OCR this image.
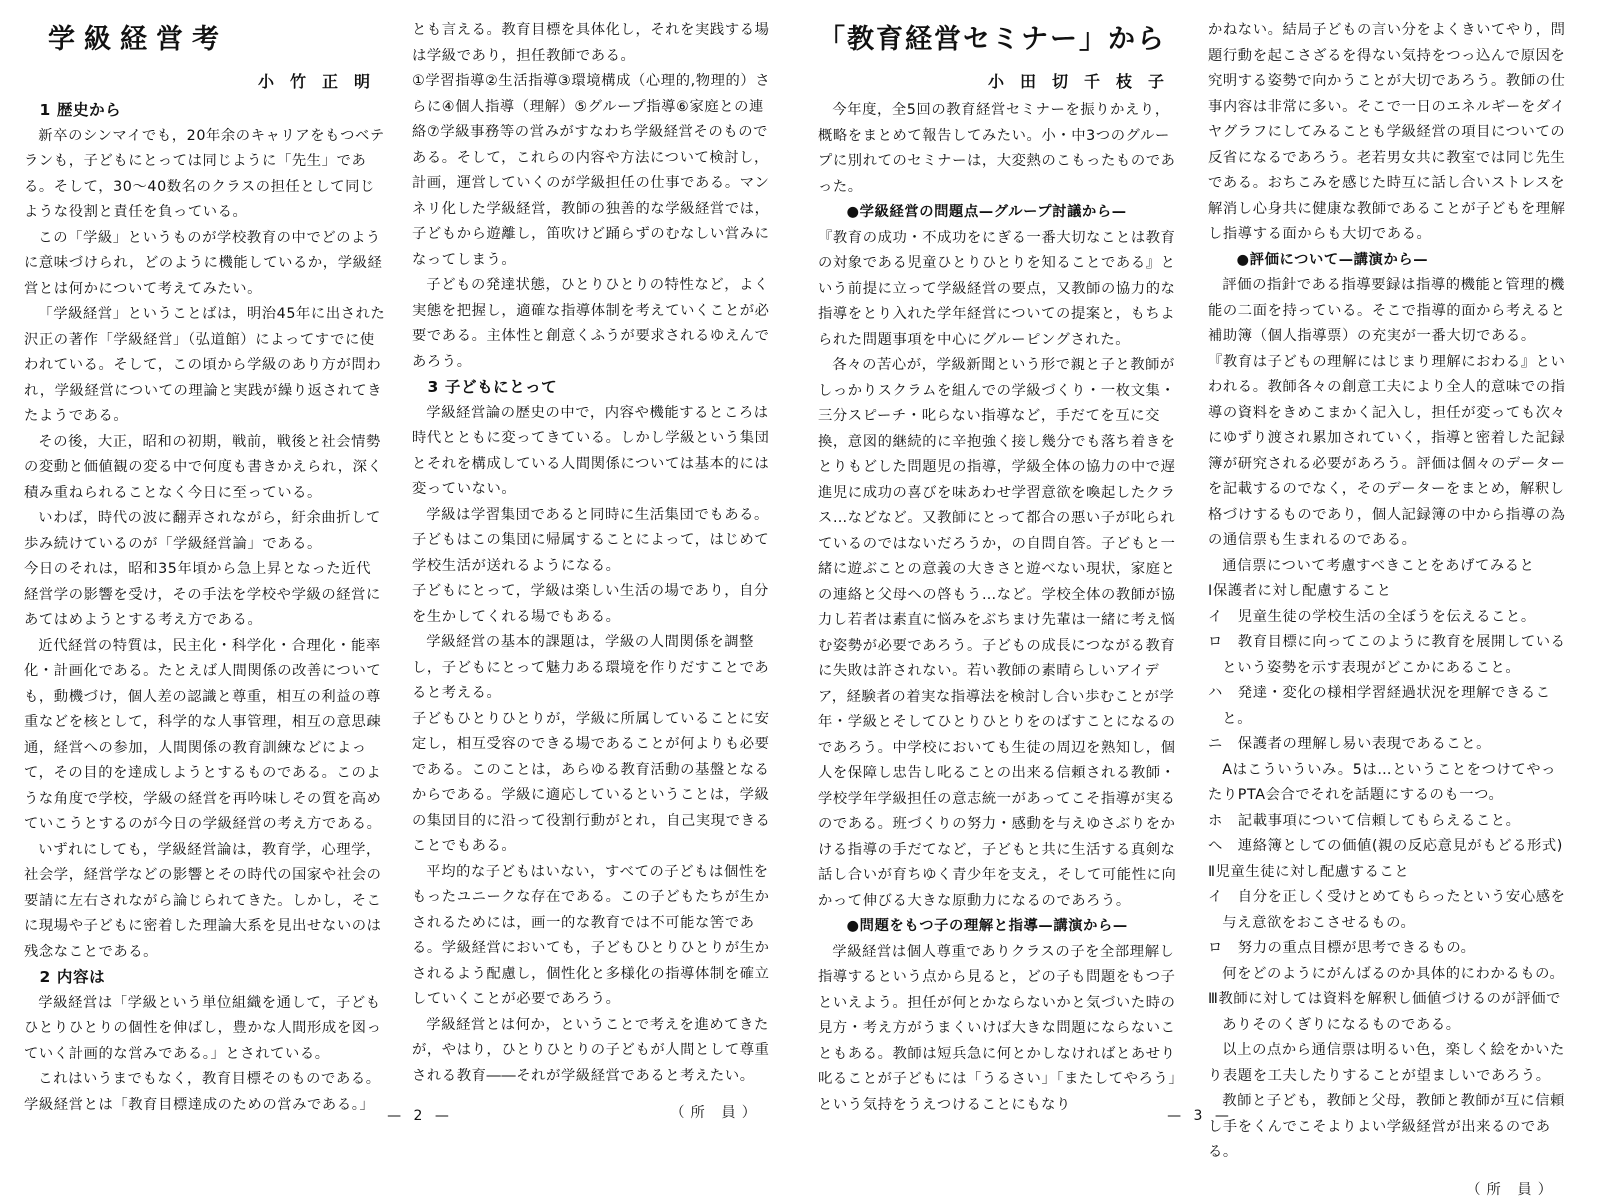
学級経営考
小竹正明

1 歴史から

新卒のシンマイでも，20年余のキャリアをもつベテランも，子どもにとっては同じように「先生」である。そして，30〜40数名のクラスの担任として同じような役割と責任を負っている。

この「学級」というものが学校教育の中でどのように意味づけられ，どのように機能しているか，学級経営とは何かについて考えてみたい。

「学級経営」ということばは，明治45年に出された沢正の著作「学級経営」（弘道館）によってすでに使われている。そして，この頃から学級のあり方が問われ，学級経営についての理論と実践が繰り返されてきたようである。

その後，大正，昭和の初期，戦前，戦後と社会情勢の変動と価値観の変る中で何度も書きかえられ，深く積み重ねられることなく今日に至っている。

いわば，時代の波に翻弄されながら，紆余曲折して歩み続けているのが「学級経営論」である。

今日のそれは，昭和35年頃から急上昇となった近代経営学の影響を受け，その手法を学校や学級の経営にあてはめようとする考え方である。

近代経営の特質は，民主化・科学化・合理化・能率化・計画化である。たとえば人間関係の改善についても，動機づけ，個人差の認識と尊重，相互の利益の尊重などを核として，科学的な人事管理，相互の意思疎通，経営への参加，人間関係の教育訓練などによって，その目的を達成しようとするものである。このような角度で学校，学級の経営を再吟味しその質を高めていこうとするのが今日の学級経営の考え方である。

いずれにしても，学級経営論は，教育学，心理学，社会学，経営学などの影響とその時代の国家や社会の要請に左右されながら論じられてきた。しかし，そこに現場や子どもに密着した理論大系を見出せないのは残念なことである。

2 内容は

学級経営は「学級という単位組織を通して，子どもひとりひとりの個性を伸ばし，豊かな人間形成を図っていく計画的な営みである。」とされている。

これはいうまでもなく，教育目標そのものである。

学級経営とは「教育目標達成のための営みである。」

とも言える。教育目標を具体化し，それを実践する場は学級であり，担任教師である。

①学習指導②生活指導③環境構成（心理的,物理的）さらに④個人指導（理解）⑤グループ指導⑥家庭との連絡⑦学級事務等の営みがすなわち学級経営そのものである。そして，これらの内容や方法について検討し，計画，運営していくのが学級担任の仕事である。マンネリ化した学級経営，教師の独善的な学級経営では，子どもから遊離し，笛吹けど踊らずのむなしい営みになってしまう。

子どもの発達状態，ひとりひとりの特性など，よく実態を把握し，適確な指導体制を考えていくことが必要である。主体性と創意くふうが要求されるゆえんであろう。

3 子どもにとって

学級経営論の歴史の中で，内容や機能するところは時代とともに変ってきている。しかし学級という集団とそれを構成している人間関係については基本的には変っていない。

学級は学習集団であると同時に生活集団でもある。

子どもはこの集団に帰属することによって，はじめて学校生活が送れるようになる。

子どもにとって，学級は楽しい生活の場であり，自分を生かしてくれる場でもある。

学級経営の基本的課題は，学級の人間関係を調整し，子どもにとって魅力ある環境を作りだすことであると考える。

子どもひとりひとりが，学級に所属していることに安定し，相互受容のできる場であることが何よりも必要である。このことは，あらゆる教育活動の基盤となるからである。学級に適応しているということは，学級の集団目的に沿って役割行動がとれ，自己実現できることでもある。

平均的な子どもはいない，すべての子どもは個性をもったユニークな存在である。この子どもたちが生かされるためには，画一的な教育では不可能な筈である。学級経営においても，子どもひとりひとりが生かされるよう配慮し，個性化と多様化の指導体制を確立していくことが必要であろう。

学級経営とは何か，ということで考えを進めてきたが，やはり，ひとりひとりの子どもが人間として尊重される教育――それが学級経営であると考えたい。

（所 員）
— 2 —
「教育経営セミナー」から
小田切千枝子

今年度，全5回の教育経営セミナーを振りかえり，概略をまとめて報告してみたい。小・中3つのグループに別れてのセミナーは，大変熱のこもったものであった。

●学級経営の問題点—グループ討議から—

『教育の成功・不成功をにぎる一番大切なことは教育の対象である児童ひとりひとりを知ることである』という前提に立って学級経営の要点，又教師の協力的な指導をとり入れた学年経営についての提案と，もちよられた問題事項を中心にグルーピングされた。

各々の苦心が，学級新聞という形で親と子と教師がしっかりスクラムを組んでの学級づくり・一枚文集・三分スピーチ・叱らない指導など，手だてを互に交換，意図的継続的に辛抱強く接し幾分でも落ち着きをとりもどした問題児の指導，学級全体の協力の中で遅進児に成功の喜びを味あわせ学習意欲を喚起したクラス…などなど。又教師にとって都合の悪い子が叱られているのではないだろうか，の自問自答。子どもと一緒に遊ぶことの意義の大きさと遊べない現状，家庭との連絡と父母への啓もう…など。学校全体の教師が協力し若者は素直に悩みをぶちまけ先輩は一緒に考え悩む姿勢が必要であろう。子どもの成長につながる教育に失敗は許されない。若い教師の素晴らしいアイデア，経験者の着実な指導法を検討し合い歩むことが学年・学級とそしてひとりひとりをのばすことになるのであろう。中学校においても生徒の周辺を熟知し，個人を保障し忠告し叱ることの出来る信頼される教師・学校学年学級担任の意志統一があってこそ指導が実るのである。班づくりの努力・感動を与えゆさぶりをかける指導の手だてなど，子どもと共に生活する真剣な話し合いが育ちゆく青少年を支え，そして可能性に向かって伸びる大きな原動力になるのであろう。

●問題をもつ子の理解と指導—講演から—

学級経営は個人尊重でありクラスの子を全部理解し指導するという点から見ると，どの子も問題をもつ子といえよう。担任が何とかならないかと気づいた時の見方・考え方がうまくいけば大きな問題にならないこともある。教師は短兵急に何とかしなければとあせり叱ることが子どもには「うるさい」「またしてやろう」という気持をうえつけることにもなり

かねない。結局子どもの言い分をよくきいてやり，問題行動を起こさざるを得ない気持をつっ込んで原因を究明する姿勢で向かうことが大切であろう。教師の仕事内容は非常に多い。そこで一日のエネルギーをダイヤグラフにしてみることも学級経営の項目についての反省になるであろう。老若男女共に教室では同じ先生である。おちこみを感じた時互に話し合いストレスを解消し心身共に健康な教師であることが子どもを理解し指導する面からも大切である。

●評価について—講演から—

評価の指針である指導要録は指導的機能と管理的機能の二面を持っている。そこで指導的面から考えると補助簿（個人指導票）の充実が一番大切である。

『教育は子どもの理解にはじまり理解におわる』といわれる。教師各々の創意工夫により全人的意味での指導の資料をきめこまかく記入し，担任が変っても次々にゆずり渡され累加されていく，指導と密着した記録簿が研究される必要があろう。評価は個々のデーターを記載するのでなく，そのデーターをまとめ，解釈し格づけするものであり，個人記録簿の中から指導の為の通信票も生まれるのである。

通信票について考慮すべきことをあげてみると

Ⅰ保護者に対し配慮すること

イ　児童生徒の学校生活の全ぼうを伝えること。

ロ　教育目標に向ってこのように教育を展開しているという姿勢を示す表現がどこかにあること。

ハ　発達・変化の様相学習経過状況を理解できること。

ニ　保護者の理解し易い表現であること。

Aはこういういみ。5は…ということをつけてやったりPTA会合でそれを話題にするのも一つ。

ホ　記載事項について信頼してもらえること。

へ　連絡簿としての価値(親の反応意見がもどる形式)

Ⅱ児童生徒に対し配慮すること

イ　自分を正しく受けとめてもらったという安心感を与え意欲をおこさせるもの。

ロ　努力の重点目標が思考できるもの。

何をどのようにがんばるのか具体的にわかるもの。

Ⅲ教師に対しては資料を解釈し価値づけるのが評価でありそのくぎりになるものである。

以上の点から通信票は明るい色，楽しく絵をかいたり表題を工夫したりすることが望ましいであろう。

教師と子ども，教師と父母，教師と教師が互に信頼し手をくんでこそよりよい学級経営が出来るのである。

（所 員）
— 3 —
